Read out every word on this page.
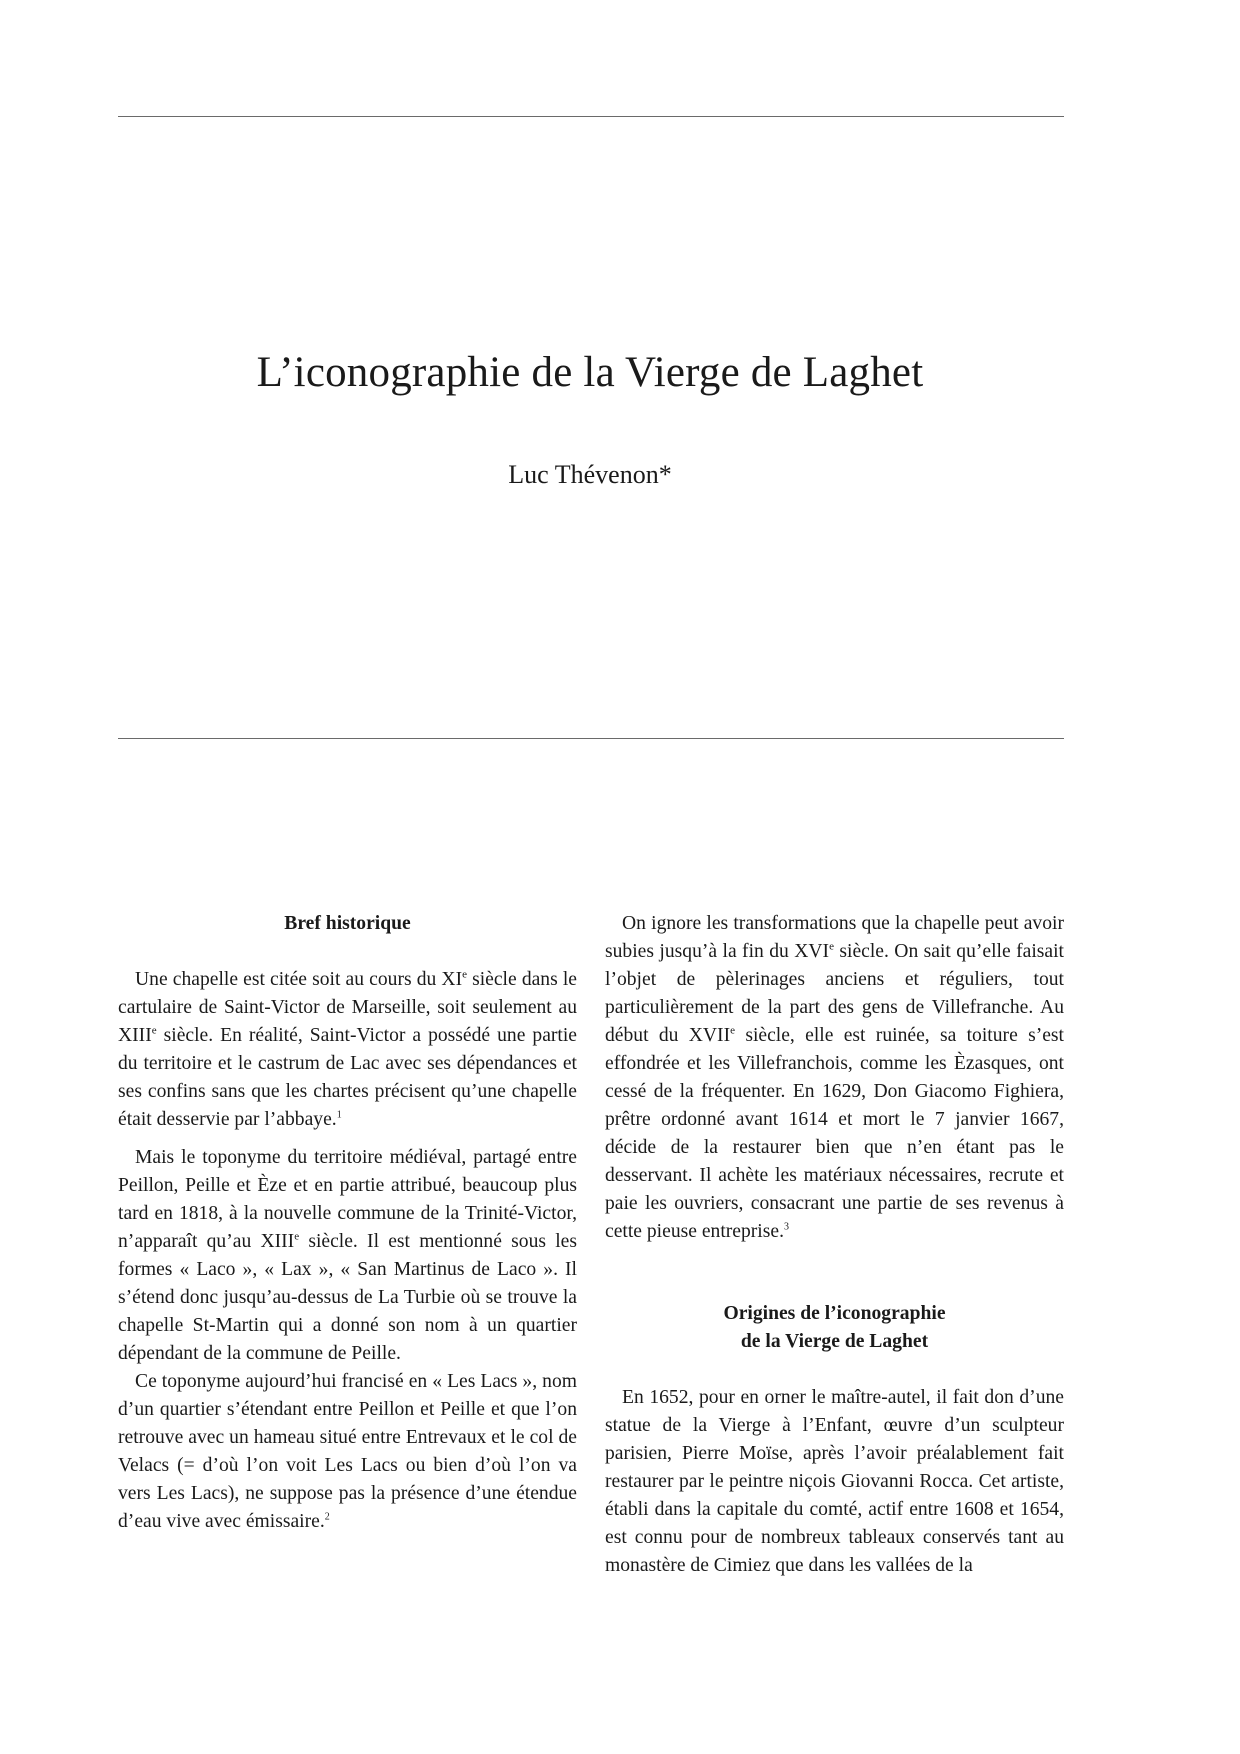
L’iconographie de la Vierge de Laghet

Luc Thévenon*

Bref historique

Une chapelle est citée soit au cours du XIe siècle dans le cartulaire de Saint-Victor de Marseille, soit seulement au XIIIe siècle. En réalité, Saint-Victor a possédé une partie du territoire et le castrum de Lac avec ses dépendances et ses confins sans que les chartes précisent qu’une chapelle était desservie par l’abbaye.$^1$

Mais le toponyme du territoire médiéval, partagé entre Peillon, Peille et Èze et en partie attribué, beaucoup plus tard en 1818, à la nouvelle commune de la Trinité-Victor, n’apparaît qu’au XIIIe siècle. Il est mentionné sous les formes « Laco », « Lax », « San Martinus de Laco ». Il s’étend donc jusqu’au-dessus de La Turbie où se trouve la chapelle St-Martin qui a donné son nom à un quartier dépendant de la commune de Peille.

Ce toponyme aujourd’hui francisé en « Les Lacs », nom d’un quartier s’étendant entre Peillon et Peille et que l’on retrouve avec un hameau situé entre Entrevaux et le col de Velacs (= d’où l’on voit Les Lacs ou bien d’où l’on va vers Les Lacs), ne suppose pas la présence d’une étendue d’eau vive avec émissaire.$^2$

On ignore les transformations que la chapelle peut avoir subies jusqu’à la fin du XVIe siècle. On sait qu’elle faisait l’objet de pèlerinages anciens et réguliers, tout particulièrement de la part des gens de Villefranche. Au début du XVIIe siècle, elle est ruinée, sa toiture s’est effondrée et les Villefranchois, comme les Èzasques, ont cessé de la fréquenter. En 1629, Don Giacomo Fighiera, prêtre ordonné avant 1614 et mort le 7 janvier 1667, décide de la restaurer bien que n’en étant pas le desservant. Il achète les matériaux nécessaires, recrute et paie les ouvriers, consacrant une partie de ses revenus à cette pieuse entreprise.$^3$

Origines de l’iconographie
de la Vierge de Laghet

En 1652, pour en orner le maître-autel, il fait don d’une statue de la Vierge à l’Enfant, œuvre d’un sculpteur parisien, Pierre Moïse, après l’avoir préalablement fait restaurer par le peintre niçois Giovanni Rocca. Cet artiste, établi dans la capitale du comté, actif entre 1608 et 1654, est connu pour de nombreux tableaux conservés tant au monastère de Cimiez que dans les vallées de la
